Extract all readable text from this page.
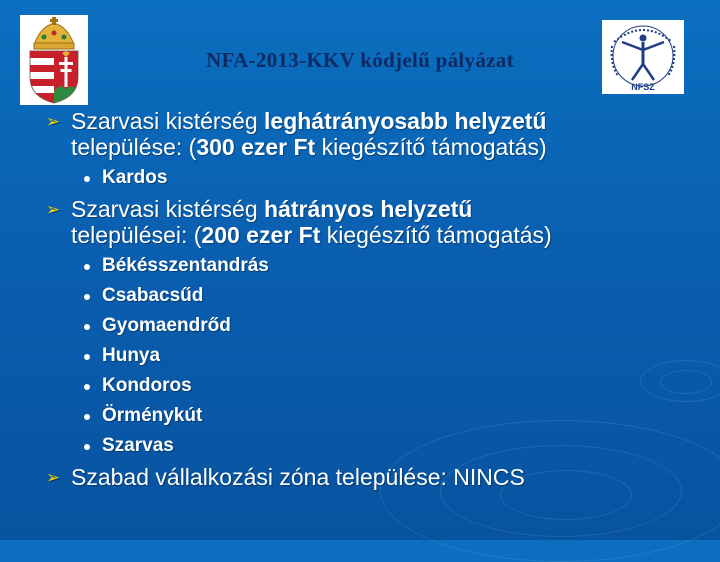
NFSZ
NFA-2013-KKV kódjelű pályázat
➢ Szarvasi kistérség leghátrányosabb helyzetű
települése: (300 ezer Ft kiegészítő támogatás)
Kardos
➢ Szarvasi kistérség hátrányos helyzetű
települései: (200 ezer Ft kiegészítő támogatás)
Békésszentandrás
Csabacsűd
Gyomaendrőd
Hunya
Kondoros
Örménykút
Szarvas
➢ Szabad vállalkozási zóna települése: NINCS
